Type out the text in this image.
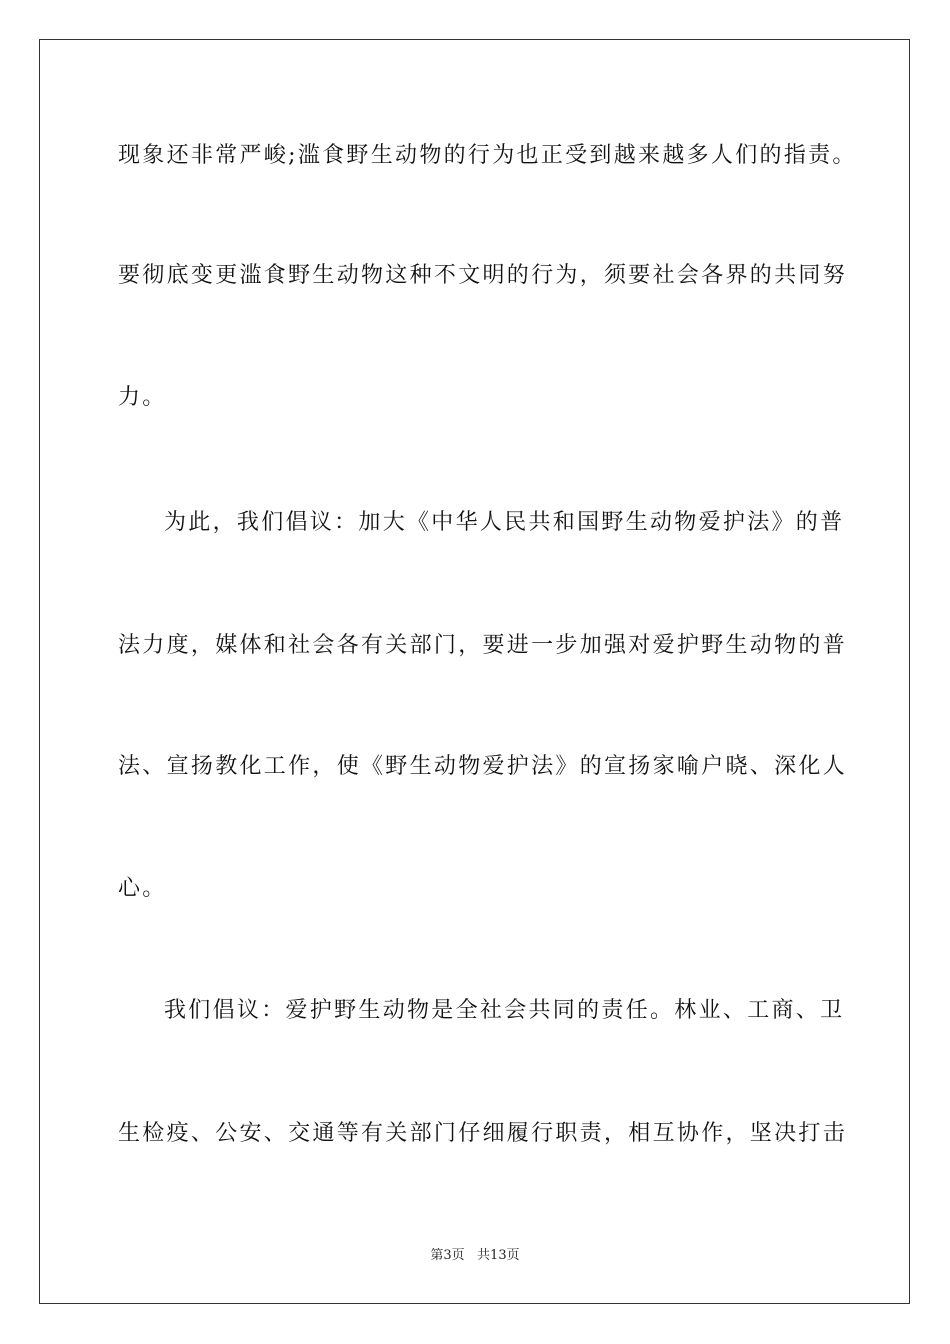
现象还非常严峻;滥食野生动物的行为也正受到越来越多人们的指责。
要彻底变更滥食野生动物这种不文明的行为，须要社会各界的共同努
力。
为此，我们倡议：加大《中华人民共和国野生动物爱护法》的普
法力度，媒体和社会各有关部门，要进一步加强对爱护野生动物的普
法、宣扬教化工作，使《野生动物爱护法》的宣扬家喻户晓、深化人
心。
我们倡议：爱护野生动物是全社会共同的责任。林业、工商、卫
生检疫、公安、交通等有关部门仔细履行职责，相互协作，坚决打击
第3页   共13页
